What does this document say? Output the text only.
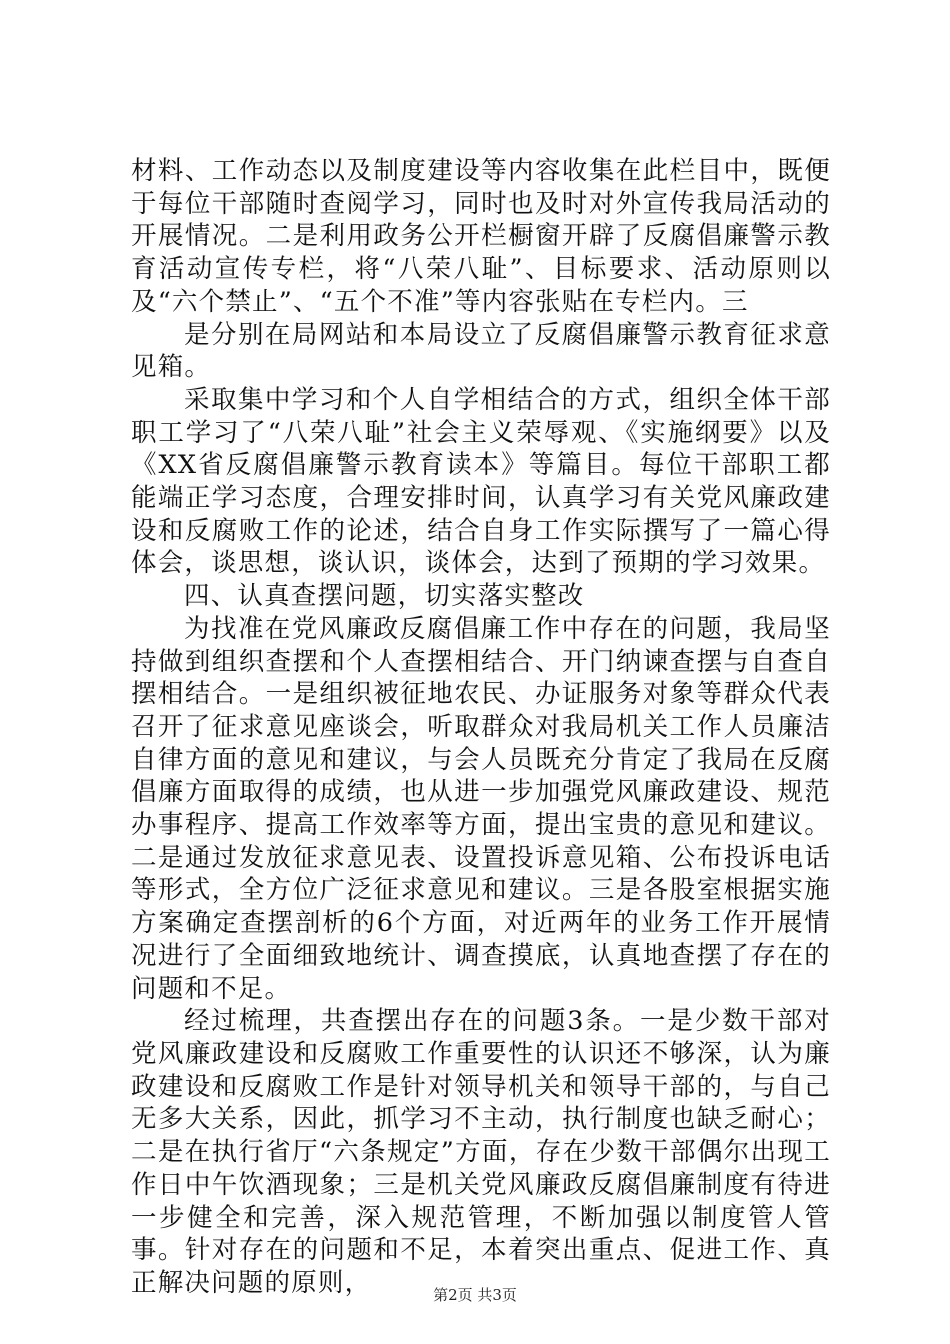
材料、工作动态以及制度建设等内容收集在此栏目中，既便于每位干部随时查阅学习，同时也及时对外宣传我局活动的开展情况。二是利用政务公开栏橱窗开辟了反腐倡廉警示教育活动宣传专栏，将“八荣八耻”、目标要求、活动原则以及“六个禁止”、“五个不准”等内容张贴在专栏内。三

是分别在局网站和本局设立了反腐倡廉警示教育征求意见箱。

采取集中学习和个人自学相结合的方式，组织全体干部职工学习了“八荣八耻”社会主义荣辱观、《实施纲要》以及《XX省反腐倡廉警示教育读本》等篇目。每位干部职工都能端正学习态度，合理安排时间，认真学习有关党风廉政建设和反腐败工作的论述，结合自身工作实际撰写了一篇心得体会，谈思想，谈认识，谈体会，达到了预期的学习效果。

四、认真查摆问题，切实落实整改

为找准在党风廉政反腐倡廉工作中存在的问题，我局坚持做到组织查摆和个人查摆相结合、开门纳谏查摆与自查自摆相结合。一是组织被征地农民、办证服务对象等群众代表召开了征求意见座谈会，听取群众对我局机关工作人员廉洁自律方面的意见和建议，与会人员既充分肯定了我局在反腐倡廉方面取得的成绩，也从进一步加强党风廉政建设、规范办事程序、提高工作效率等方面，提出宝贵的意见和建议。二是通过发放征求意见表、设置投诉意见箱、公布投诉电话等形式，全方位广泛征求意见和建议。三是各股室根据实施方案确定查摆剖析的6个方面，对近两年的业务工作开展情况进行了全面细致地统计、调查摸底，认真地查摆了存在的问题和不足。

经过梳理，共查摆出存在的问题3条。一是少数干部对党风廉政建设和反腐败工作重要性的认识还不够深，认为廉政建设和反腐败工作是针对领导机关和领导干部的，与自己无多大关系，因此，抓学习不主动，执行制度也缺乏耐心；二是在执行省厅“六条规定”方面，存在少数干部偶尔出现工作日中午饮酒现象；三是机关党风廉政反腐倡廉制度有待进一步健全和完善，深入规范管理，不断加强以制度管人管事。针对存在的问题和不足，本着突出重点、促进工作、真正解决问题的原则，	第2页 共3页
